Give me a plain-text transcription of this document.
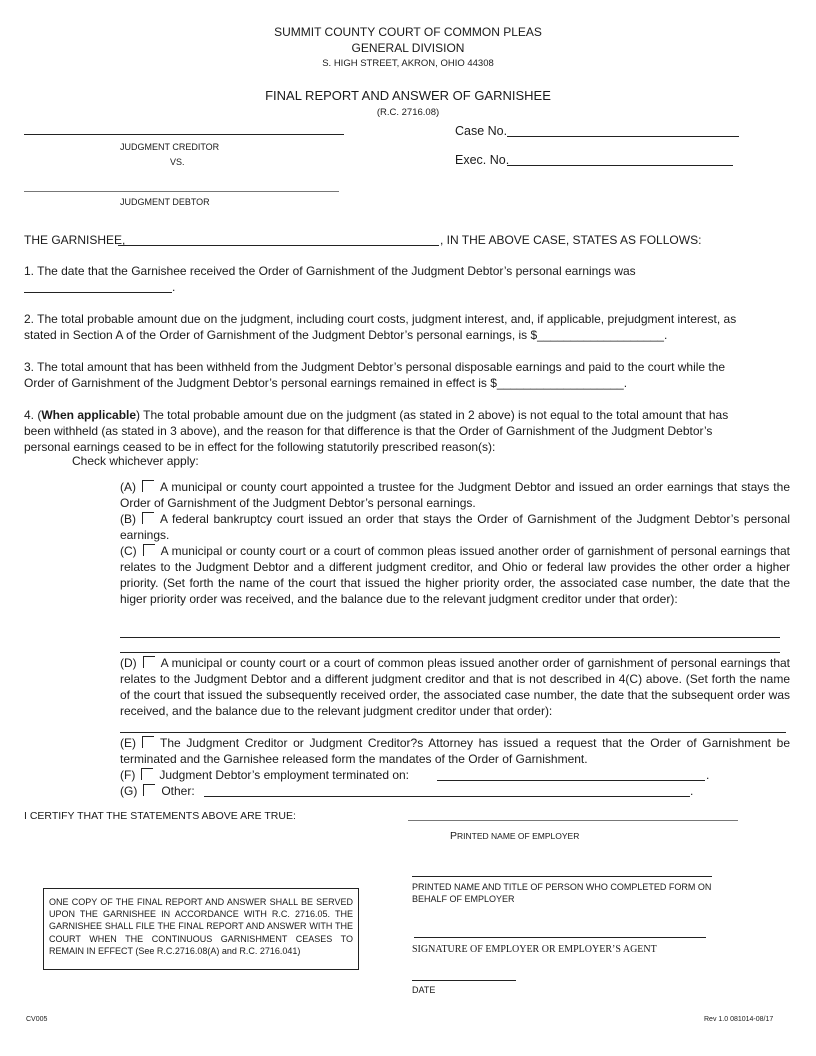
SUMMIT COUNTY COURT OF COMMON PLEAS
GENERAL DIVISION
S. HIGH STREET, AKRON, OHIO 44308
FINAL REPORT AND ANSWER OF GARNISHEE
(R.C. 2716.08)
JUDGMENT CREDITOR
VS.
JUDGMENT DEBTOR
Case No.
Exec. No.
THE GARNISHEE,	, IN THE ABOVE CASE, STATES AS FOLLOWS:
1. The date that the Garnishee received the Order of Garnishment of the Judgment Debtor’s personal earnings was
.
2. The total probable amount due on the judgment, including court costs, judgment interest, and, if applicable, prejudgment interest, as
stated in Section A of the Order of Garnishment of the Judgment Debtor’s personal earnings, is $___________________.
3. The total amount that has been withheld from the Judgment Debtor’s personal disposable earnings and paid to the court while the
Order of Garnishment of the Judgment Debtor’s personal earnings remained in effect is $___________________.
4. (When applicable) The total probable amount due on the judgment (as stated in 2 above) is not equal to the total amount that has
been withheld (as stated in 3 above), and the reason for that difference is that the Order of Garnishment of the Judgment Debtor’s
personal earnings ceased to be in effect for the following statutorily prescribed reason(s):
Check whichever apply:
(A) A municipal or county court appointed a trustee for the Judgment Debtor and issued an order earnings that stays the Order of Garnishment of the Judgment Debtor’s personal earnings.
(B) A federal bankruptcy court issued an order that stays the Order of Garnishment of the Judgment Debtor’s personal earnings.
(C) A municipal or county court or a court of common pleas issued another order of garnishment of personal earnings that relates to the Judgment Debtor and a different judgment creditor, and Ohio or federal law provides the other order a higher priority. (Set forth the name of the court that issued the higher priority order, the associated case number, the date that the higer priority order was received, and the balance due to the relevant judgment creditor under that order):
(D) A municipal or county court or a court of common pleas issued another order of garnishment of personal earnings that relates to the Judgment Debtor and a different judgment creditor and that is not described in 4(C) above. (Set forth the name of the court that issued the subsequently received order, the associated case number, the date that the subsequent order was received, and the balance due to the relevant judgment creditor under that order):
(E) The Judgment Creditor or Judgment Creditor?s Attorney has issued a request that the Order of Garnishment be terminated and the Garnishee released form the mandates of the Order of Garnishment.
(F) Judgment Debtor’s employment terminated on:	.
(G) Other:	.
I CERTIFY THAT THE STATEMENTS ABOVE ARE TRUE:
PRINTED NAME OF EMPLOYER
PRINTED NAME AND TITLE OF PERSON WHO COMPLETED FORM ON BEHALF OF EMPLOYER
SIGNATURE OF EMPLOYER OR EMPLOYER’S AGENT
DATE
ONE COPY OF THE FINAL REPORT AND ANSWER SHALL BE SERVED UPON THE GARNISHEE IN ACCORDANCE WITH R.C. 2716.05. THE GARNISHEE SHALL FILE THE FINAL REPORT AND ANSWER WITH THE COURT WHEN THE CONTINUOUS GARNISHMENT CEASES TO REMAIN IN EFFECT (See R.C.2716.08(A) and R.C. 2716.041)
CV005	Rev 1.0 081014-08/17
